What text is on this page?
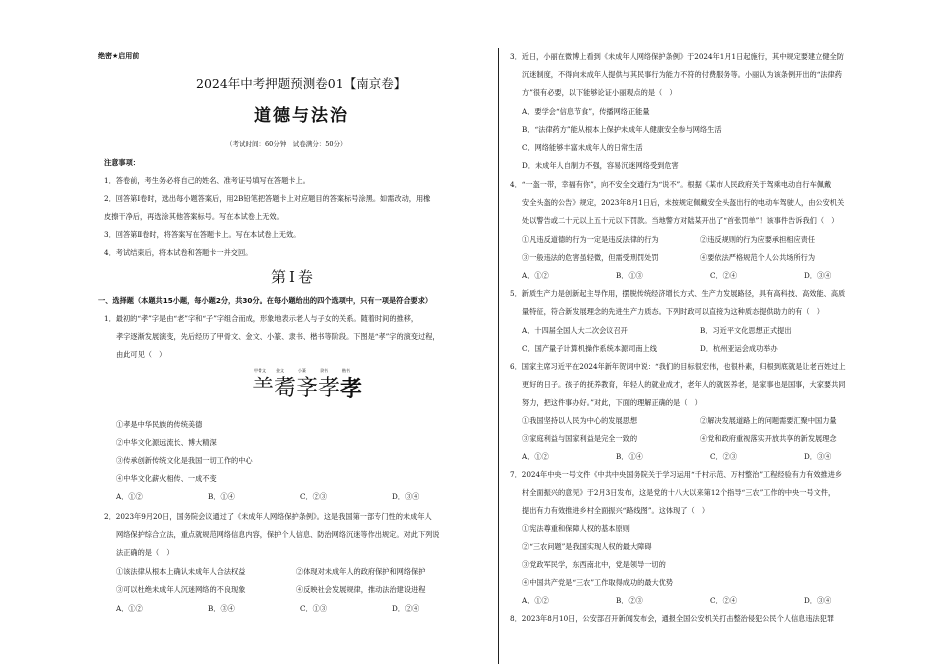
绝密★启用前
2024年中考押题预测卷01【南京卷】
道德与法治
（考试时间：60分钟　试卷满分：50分）
注意事项：
1．答卷前，考生务必将自己的姓名、准考证号填写在答题卡上。
2．回答第Ⅰ卷时，选出每小题答案后，用2B铅笔把答题卡上对应题目的答案标号涂黑。如需改动，用橡
皮擦干净后，再选涂其他答案标号。写在本试卷上无效。
3．回答第Ⅱ卷时，将答案写在答题卡上。写在本试卷上无效。
4．考试结束后，将本试卷和答题卡一并交回。
第Ⅰ卷
一、选择题（本题共15小题，每小题2分，共30分。在每小题给出的四个选项中，只有一项是符合要求）
1．最初的“孝”字是由“老”字和“子”字组合而成，形象地表示老人与子女的关系。随着时间的推移，
孝字逐渐发展演变，先后经历了甲骨文、金文、小篆、隶书、楷书等阶段。下图是“孝”字的演变过程，
由此可见（　）
甲骨文	金文	小篆	隶书	楷书
⺷ 耈 斈 孝 孝
①孝是中华民族的传统美德
②中华文化源远流长、博大精深
③传承创新传统文化是我国一切工作的中心
④中华文化薪火相传、一成不变
A．①②	B．①④	C．②③	D．③④
2．2023年9月20日，国务院会议通过了《未成年人网络保护条例》。这是我国第一部专门性的未成年人
网络保护综合立法，重点就规范网络信息内容，保护个人信息、防治网络沉迷等作出规定。对此下列说
法正确的是（　）
①该法律从根本上确认未成年人合法权益	②体现对未成年人的政府保护和网络保护
③可以杜绝未成年人沉迷网络的不良现象	④反映社会发展规律，推动法治建设进程
A．①②	B．③④	C．①③	D．②④
3．近日，小丽在微博上看到《未成年人网络保护条例》于2024年1月1日起施行，其中规定要建立健全防
沉迷制度，不得向未成年人提供与其民事行为能力不符的付费服务等。小丽认为该条例开出的“法律药
方”很有必要，以下能够论证小丽观点的是（　）
A．要学会“信息节食”，传播网络正能量
B．“法律药方”能从根本上保护未成年人健康安全参与网络生活
C．网络能够丰富未成年人的日常生活
D．未成年人自制力不强，容易沉迷网络受到危害
4．“一盔一带，幸福有你”，向不安全交通行为“说不”。根据《某市人民政府关于驾乘电动自行车佩戴
安全头盔的公告》规定，2023年8月1日后，未按规定佩戴安全头盔出行的电动车驾驶人，由公安机关
处以警告或二十元以上五十元以下罚款。当地警方对陆某开出了“首张罚单”！该事件告诉我们（　）
①凡违反道德的行为一定是违反法律的行为	②违反规则的行为应要承担相应责任
③一般违法的危害虽轻微，但需受刑罚处罚	④要依法严格规范个人公共场所行为
A．①②	B．①③	C．②④	D．③④
5．新质生产力是创新起主导作用，摆脱传统经济增长方式、生产力发展路径，具有高科技、高效能、高质
量特征，符合新发展理念的先进生产力质态。下列时政可以直接为这种质态提供助力的有（　）
A．十四届全国人大二次会议召开	B．习近平文化思想正式提出
C．国产量子计算机操作系统本源司南上线	D．杭州亚运会成功举办
6．国家主席习近平在2024年新年贺词中说：“我们的目标很宏伟，也很朴素，归根到底就是让老百姓过上
更好的日子。孩子的抚养教育，年轻人的就业成才，老年人的就医养老，是家事也是国事，大家要共同
努力，把这件事办好。”对此，下面的理解正确的是（　）
①我国坚持以人民为中心的发展思想	②解决发展道路上的问题需要汇聚中国力量
③家庭利益与国家利益是完全一致的	④党和政府重视落实开放共享的新发展理念
A．①②	B．①④	C．②③	D．③④
7．2024年中央一号文件《中共中央国务院关于学习运用“千村示范、万村整治”工程经验有力有效推进乡
村全面振兴的意见》于2月3日发布，这是党的十八大以来第12个指导“三农”工作的中央一号文件，
提出有力有效推进乡村全面振兴“路线图”。这体现了（　）
①宪法尊重和保障人权的基本原则
②“三农问题”是我国实现人权的最大障碍
③党政军民学，东西南北中，党是领导一切的
④中国共产党是“三农”工作取得成功的最大优势
A．①②	B．②③	C．②④	D．③④
8．2023年8月10日，公安部召开新闻发布会，通报全国公安机关打击整治侵犯公民个人信息违法犯罪
